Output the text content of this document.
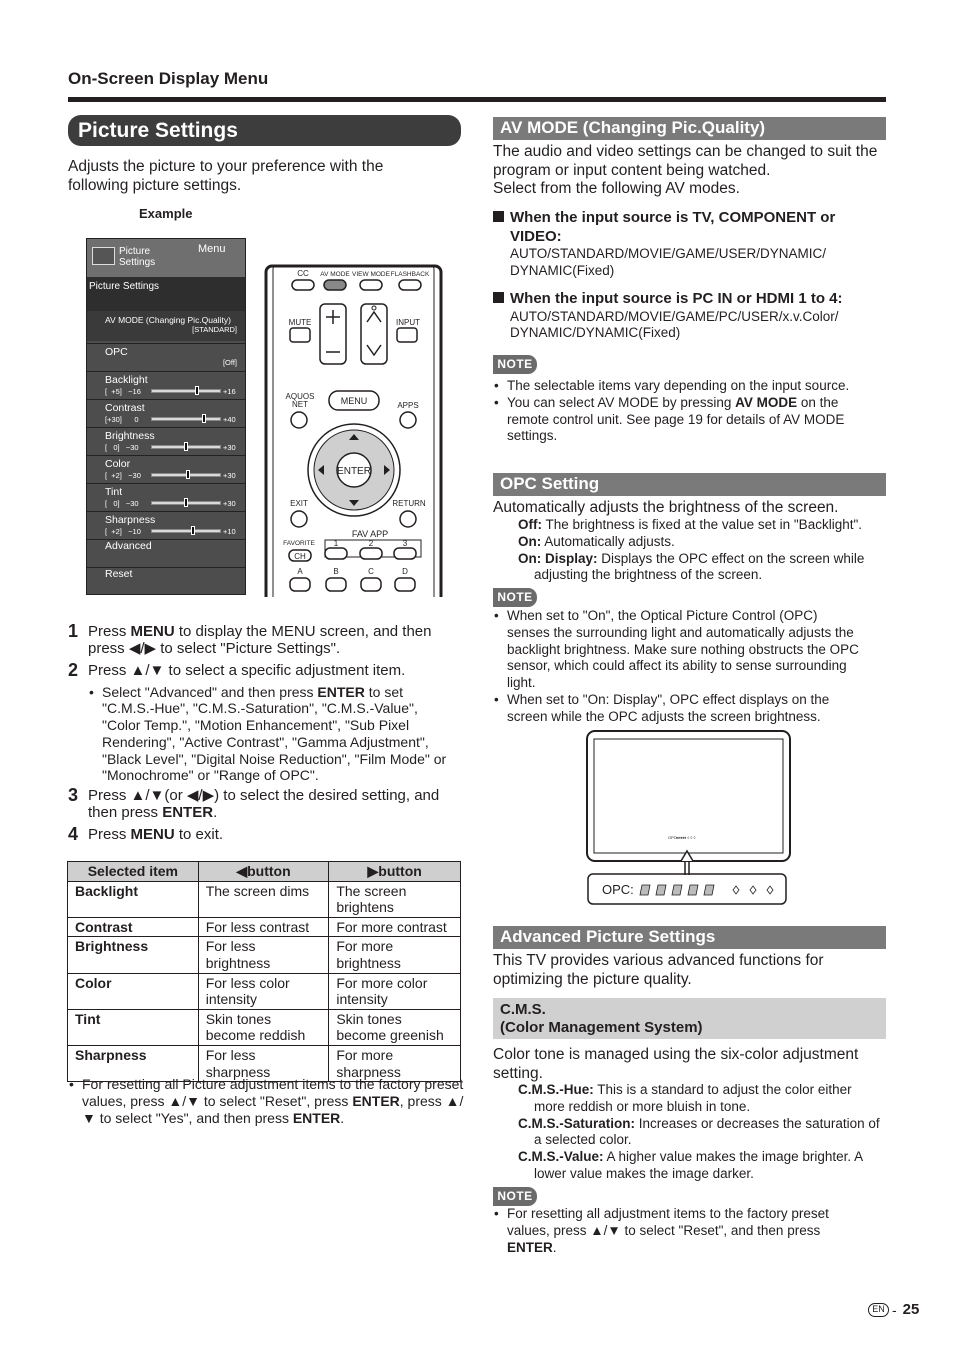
On-Screen Display Menu
Picture Settings
Adjusts the picture to your preference with the following picture settings.
Example
Picture
Settings
Menu
Picture Settings
AV MODE (Changing Pic.Quality)
[STANDARD]
OPC
[Off]
Backlight
[  +5]   −16	+16
Contrast
[+30]      0	+40
Brightness
[   0]   −30	+30
Color
[  +2]   −30	+30
Tint
[   0]   −30	+30
Sharpness
[  +2]   −10	+10
Advanced
Reset
CC AV MODE VIEW MODE FLASHBACK
MUTE	INPUT
AQUOS
NET	APPS
MENU
ENTER
EXIT	RETURN
FAV APP
FAVORITE 1	2	3
CH
A	B	C	D
1 Press MENU to display the MENU screen, and then press ◀/▶ to select "Picture Settings".
2 Press ▲/▼ to select a specific adjustment item.
• Select "Advanced" and then press ENTER to set "C.M.S.-Hue", "C.M.S.-Saturation", "C.M.S.-Value", "Color Temp.", "Motion Enhancement", "Sub Pixel Rendering", "Active Contrast", "Gamma Adjustment", "Black Level", "Digital Noise Reduction", "Film Mode" or "Monochrome" or "Range of OPC".
3 Press ▲/▼(or ◀/▶) to select the desired setting, and then press ENTER.
4 Press MENU to exit.
Selected item	◀button	▶button
Backlight	The screen dims	The screen brightens
Contrast	For less contrast	For more contrast
Brightness	For less brightness	For more brightness
Color	For less color intensity	For more color intensity
Tint	Skin tones become reddish	Skin tones become greenish
Sharpness	For less sharpness	For more sharpness
• For resetting all Picture adjustment items to the factory preset values, press ▲/▼ to select "Reset", press ENTER, press ▲/▼ to select "Yes", and then press ENTER.
AV MODE (Changing Pic.Quality)
The audio and video settings can be changed to suit the program or input content being watched.
Select from the following AV modes.
When the input source is TV, COMPONENT or VIDEO:
AUTO/STANDARD/MOVIE/GAME/USER/DYNAMIC/ DYNAMIC(Fixed)
When the input source is PC IN or HDMI 1 to 4:
AUTO/STANDARD/MOVIE/GAME/PC/USER/x.v.Color/ DYNAMIC/DYNAMIC(Fixed)
NOTE
• The selectable items vary depending on the input source.
• You can select AV MODE by pressing AV MODE on the remote control unit. See page 19 for details of AV MODE settings.
OPC Setting
Automatically adjusts the brightness of the screen.
Off: The brightness is fixed at the value set in "Backlight".
On: Automatically adjusts.
On: Display: Displays the OPC effect on the screen while adjusting the brightness of the screen.
NOTE
• When set to "On", the Optical Picture Control (OPC) senses the surrounding light and automatically adjusts the backlight brightness. Make sure nothing obstructs the OPC sensor, which could affect its ability to sense surrounding light.
• When set to "On: Display", OPC effect displays on the screen while the OPC adjusts the screen brightness.
OPC:
♦♦♦♦♦ ◊ ◊ ◊
OPC:
Advanced Picture Settings
This TV provides various advanced functions for optimizing the picture quality.
C.M.S.
(Color Management System)
Color tone is managed using the six-color adjustment setting.
C.M.S.-Hue: This is a standard to adjust the color either more reddish or more bluish in tone.
C.M.S.-Saturation: Increases or decreases the saturation of a selected color.
C.M.S.-Value: A higher value makes the image brighter. A lower value makes the image darker.
NOTE
• For resetting all adjustment items to the factory preset values, press ▲/▼ to select "Reset", and then press ENTER.
EN - 25
